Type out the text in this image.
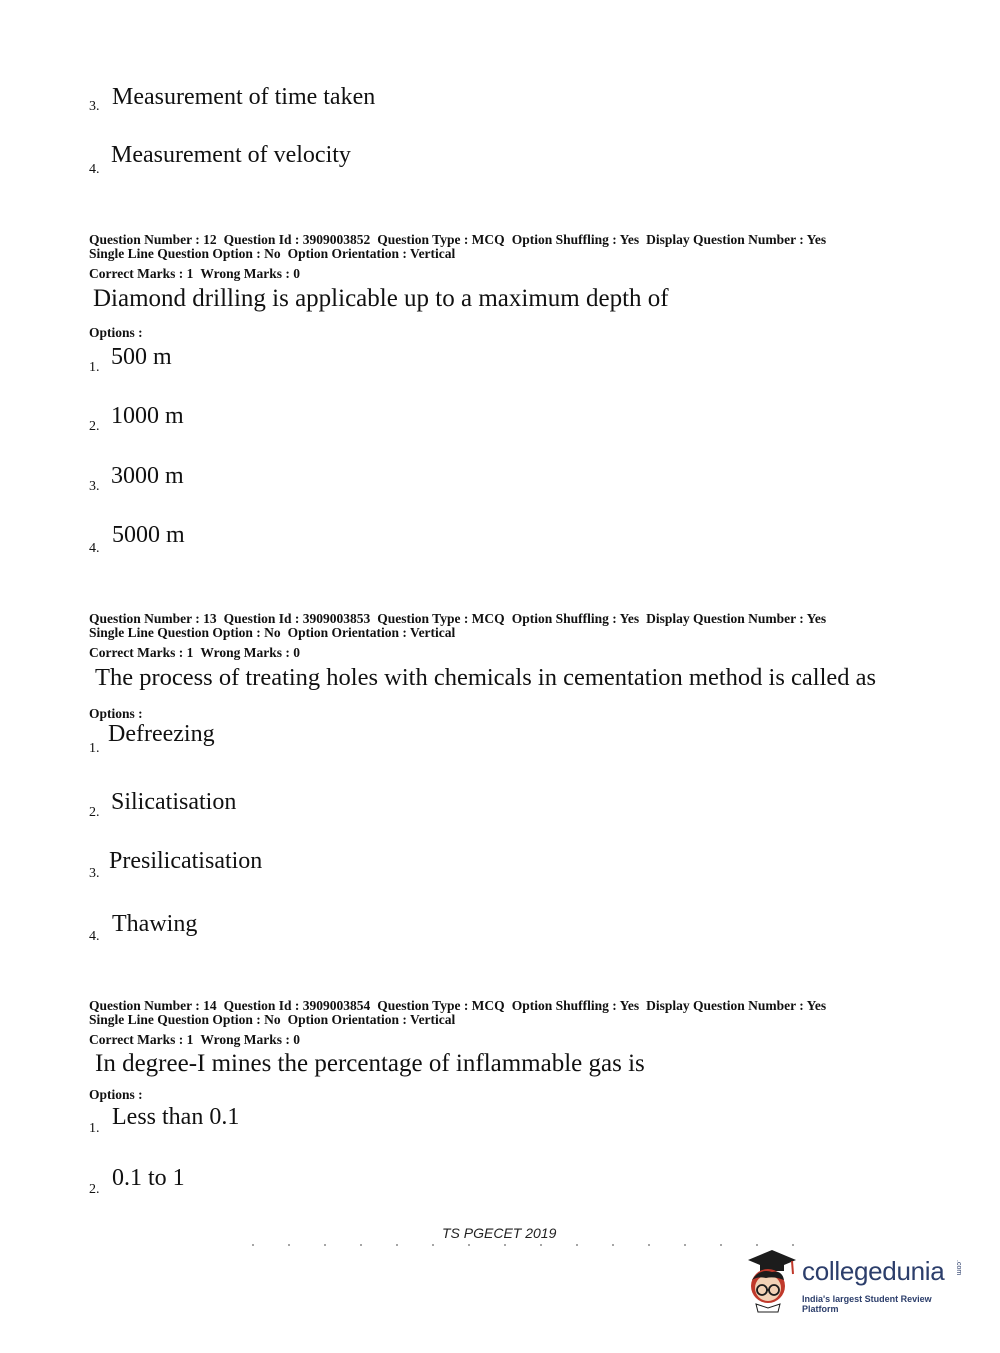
3. Measurement of time taken
4.
Measurement of velocity
Question Number : 12 Question Id : 3909003852 Question Type : MCQ Option Shuffling : Yes Display Question Number : Yes
Single Line Question Option : No Option Orientation : Vertical
Correct Marks : 1 Wrong Marks : 0
Diamond drilling is applicable up to a maximum depth of
Options :
1. 500 m
2. 1000 m
3. 3000 m
4.
5000 m
Question Number : 13 Question Id : 3909003853 Question Type : MCQ Option Shuffling : Yes Display Question Number : Yes
Single Line Question Option : No Option Orientation : Vertical
Correct Marks : 1 Wrong Marks : 0
The process of treating holes with chemicals in cementation method is called as
Options :
1.
Defreezing
2. Silicatisation
3. Presilicatisation
4. Thawing
Question Number : 14 Question Id : 3909003854 Question Type : MCQ Option Shuffling : Yes Display Question Number : Yes
Single Line Question Option : No Option Orientation : Vertical
Correct Marks : 1 Wrong Marks : 0
In degree-I mines the percentage of inflammable gas is
Options :
1. Less than 0.1
2. 0.1 to 1
TS PGECET 2019
collegedunia .com
India's largest Student Review Platform
